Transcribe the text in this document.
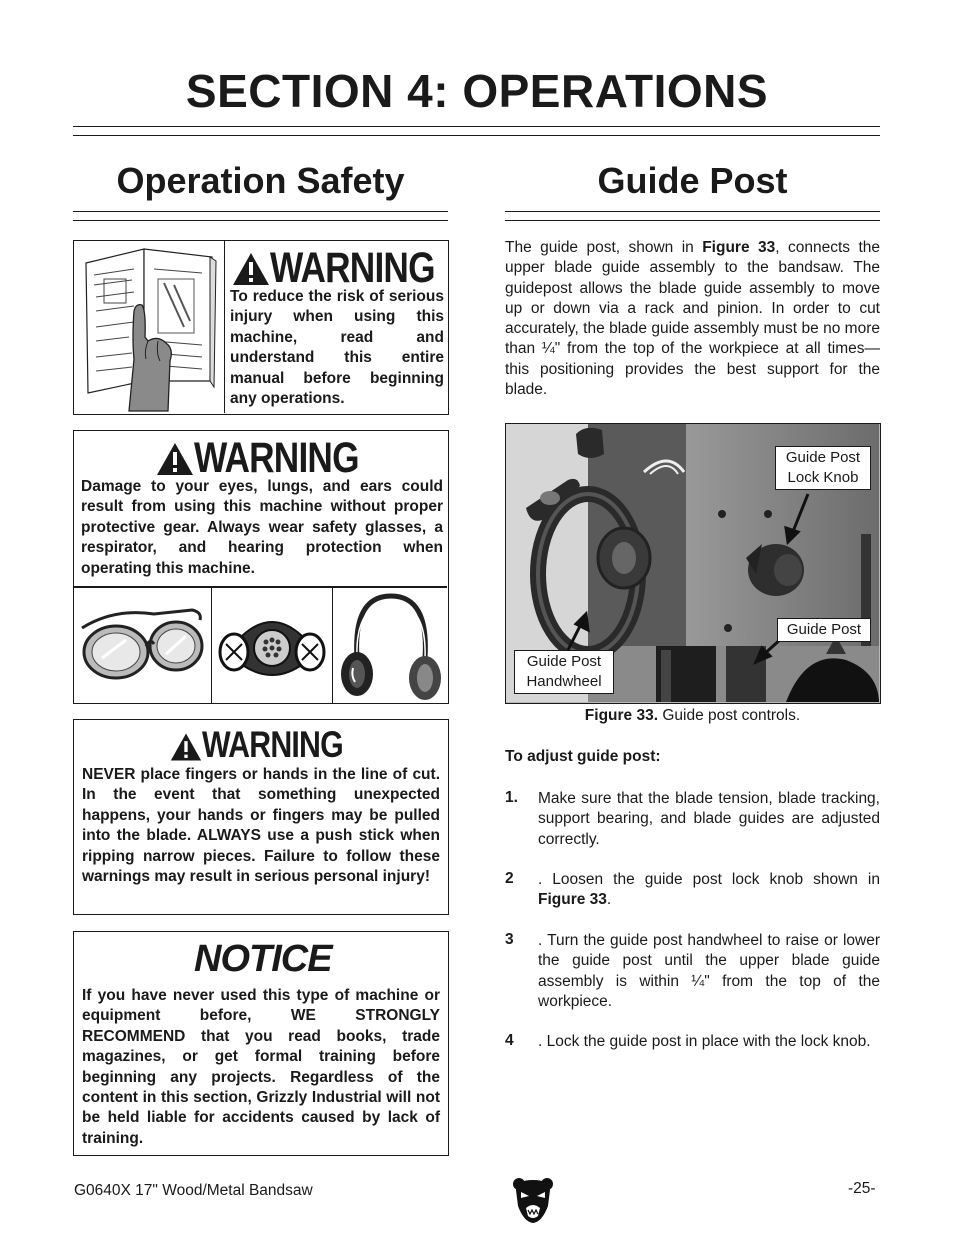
SECTION 4: OPERATIONS
Operation Safety	Guide Post
WARNING
To reduce the risk of serious injury when using this machine, read and understand this entire manual before beginning any operations.
WARNING
Damage to your eyes, lungs, and ears could result from using this machine without proper protective gear. Always wear safety glasses, a respirator, and hearing protection when operating this machine.
WARNING
NEVER place fingers or hands in the line of cut. In the event that something unexpected happens, your hands or fingers may be pulled into the blade. ALWAYS use a push stick when ripping narrow pieces. Failure to follow these warnings may result in serious personal injury!
NOTICE
If you have never used this type of machine or equipment before, WE STRONGLY RECOMMEND that you read books, trade magazines, or get formal training before beginning any projects. Regardless of the content in this section, Grizzly Industrial will not be held liable for accidents caused by lack of training.
The guide post, shown in Figure 33, connects the upper blade guide assembly to the bandsaw. The guidepost allows the blade guide assembly to move up or down via a rack and pinion. In order to cut accurately, the blade guide assembly must be no more than ¼" from the top of the workpiece at all times—this positioning provides the best support for the blade.
Guide Post
Lock Knob
Guide Post
Guide Post
Handwheel
Figure 33. Guide post controls.
To adjust guide post:
1. Make sure that the blade tension, blade tracking, support bearing, and blade guides are adjusted correctly.
2 . Loosen the guide post lock knob shown in Figure 33.
3 . Turn the guide post handwheel to raise or lower the guide post until the upper blade guide assembly is within ¼" from the top of the workpiece.
4 . Lock the guide post in place with the lock knob.
G0640X 17" Wood/Metal Bandsaw	-25-
